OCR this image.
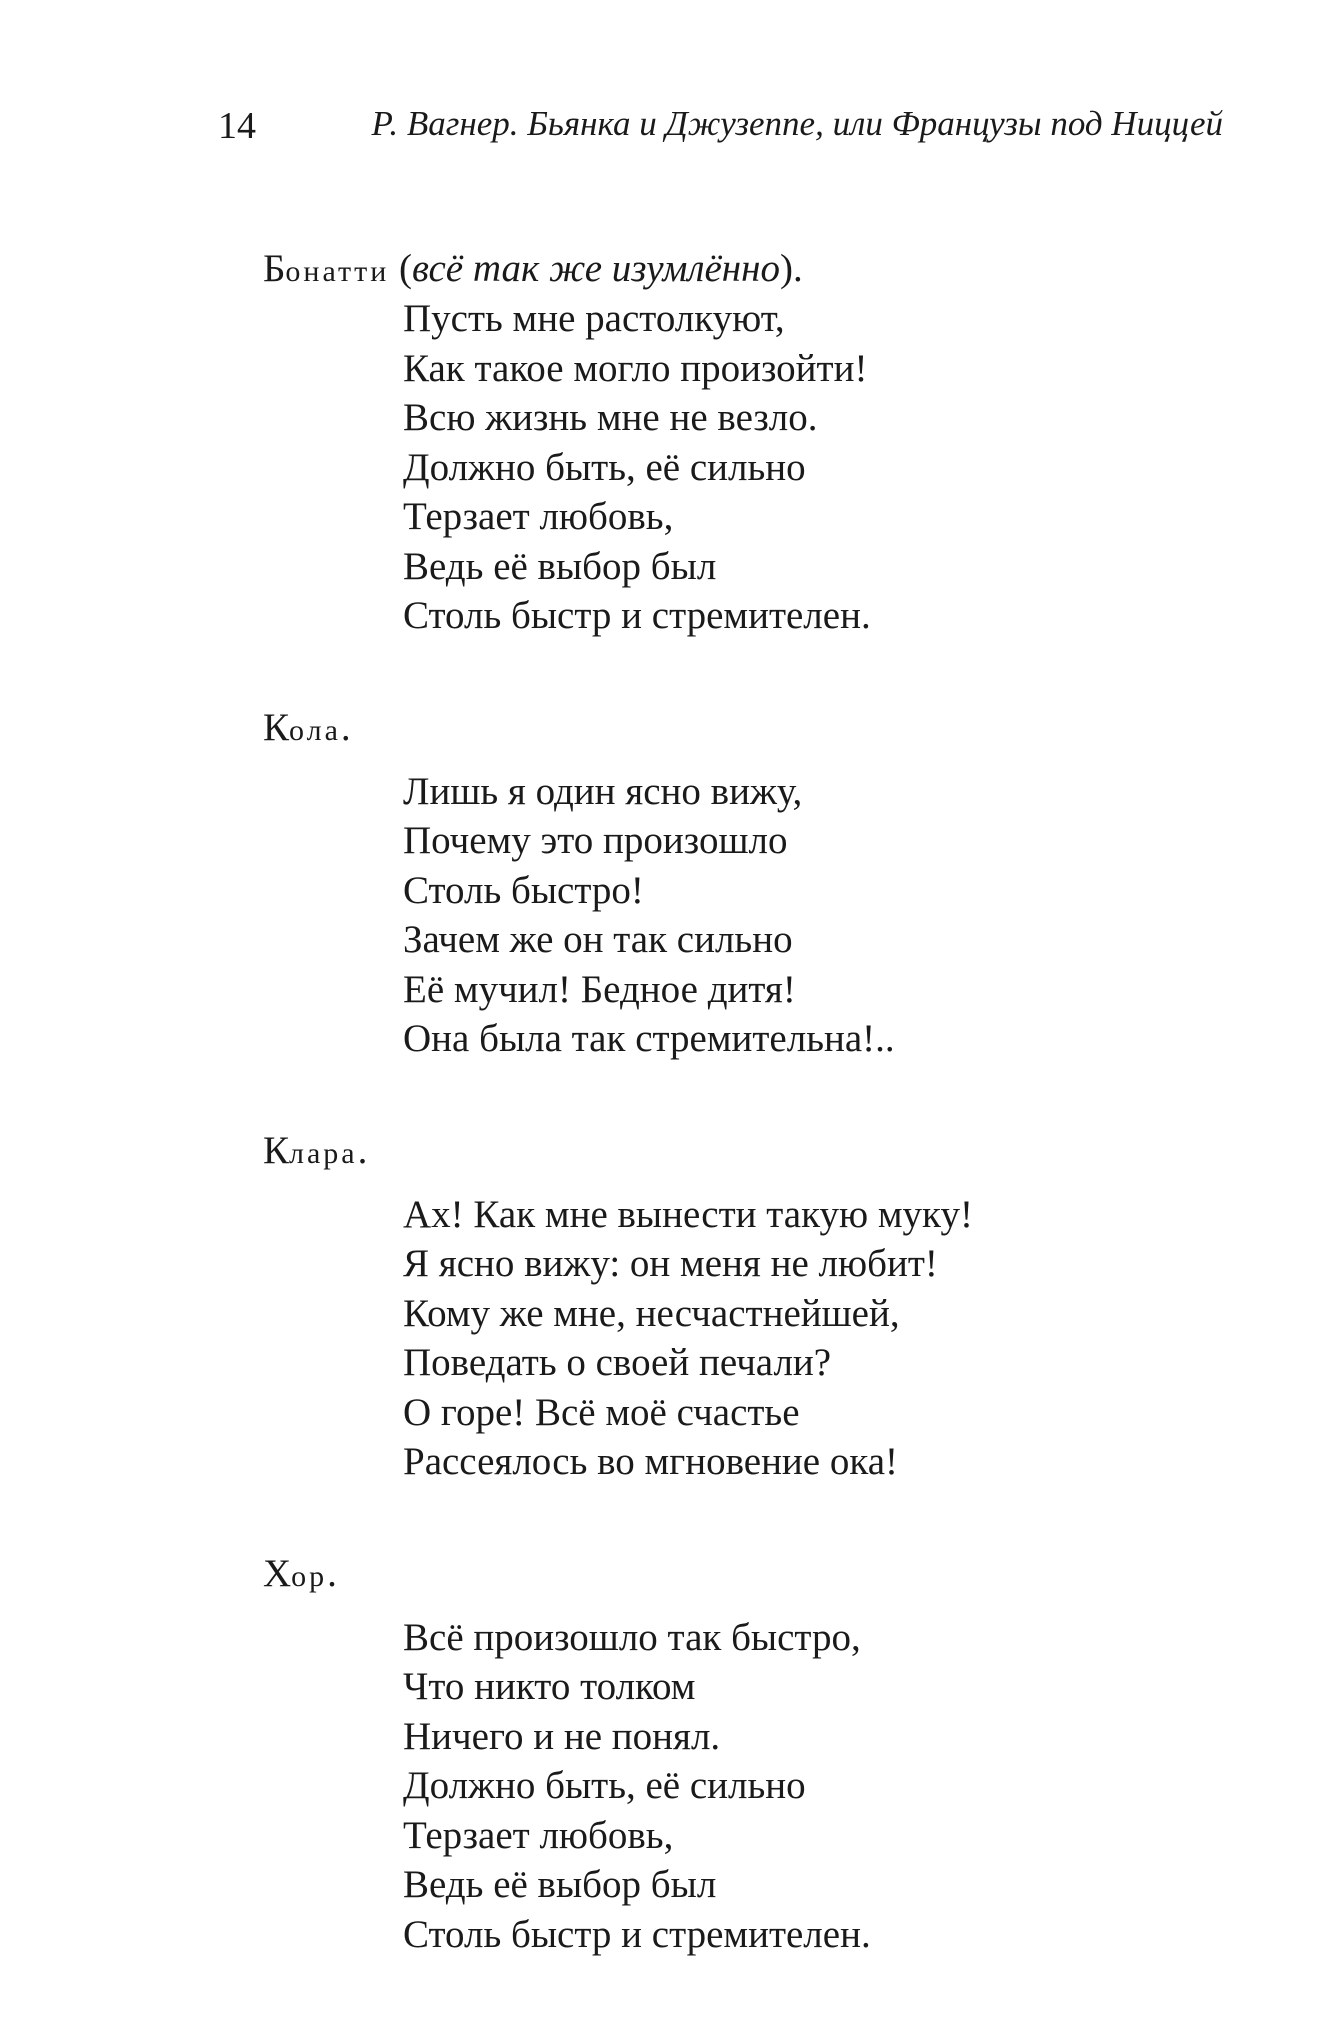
14	Р. Вагнер. Бьянка и Джузеппе, или Французы под Ниццей
Бонатти (всё так же изумлённо).
Пусть мне растолкуют,
Как такое могло произойти!
Всю жизнь мне не везло.
Должно быть, её сильно
Терзает любовь,
Ведь её выбор был
Столь быстр и стремителен.
Кола.
Лишь я один ясно вижу,
Почему это произошло
Столь быстро!
Зачем же он так сильно
Её мучил! Бедное дитя!
Она была так стремительна!..
Клара.
Ах! Как мне вынести такую муку!
Я ясно вижу: он меня не любит!
Кому же мне, несчастнейшей,
Поведать о своей печали?
О горе! Всё моё счастье
Рассеялось во мгновение ока!
Хор.
Всё произошло так быстро,
Что никто толком
Ничего и не понял.
Должно быть, её сильно
Терзает любовь,
Ведь её выбор был
Столь быстр и стремителен.
